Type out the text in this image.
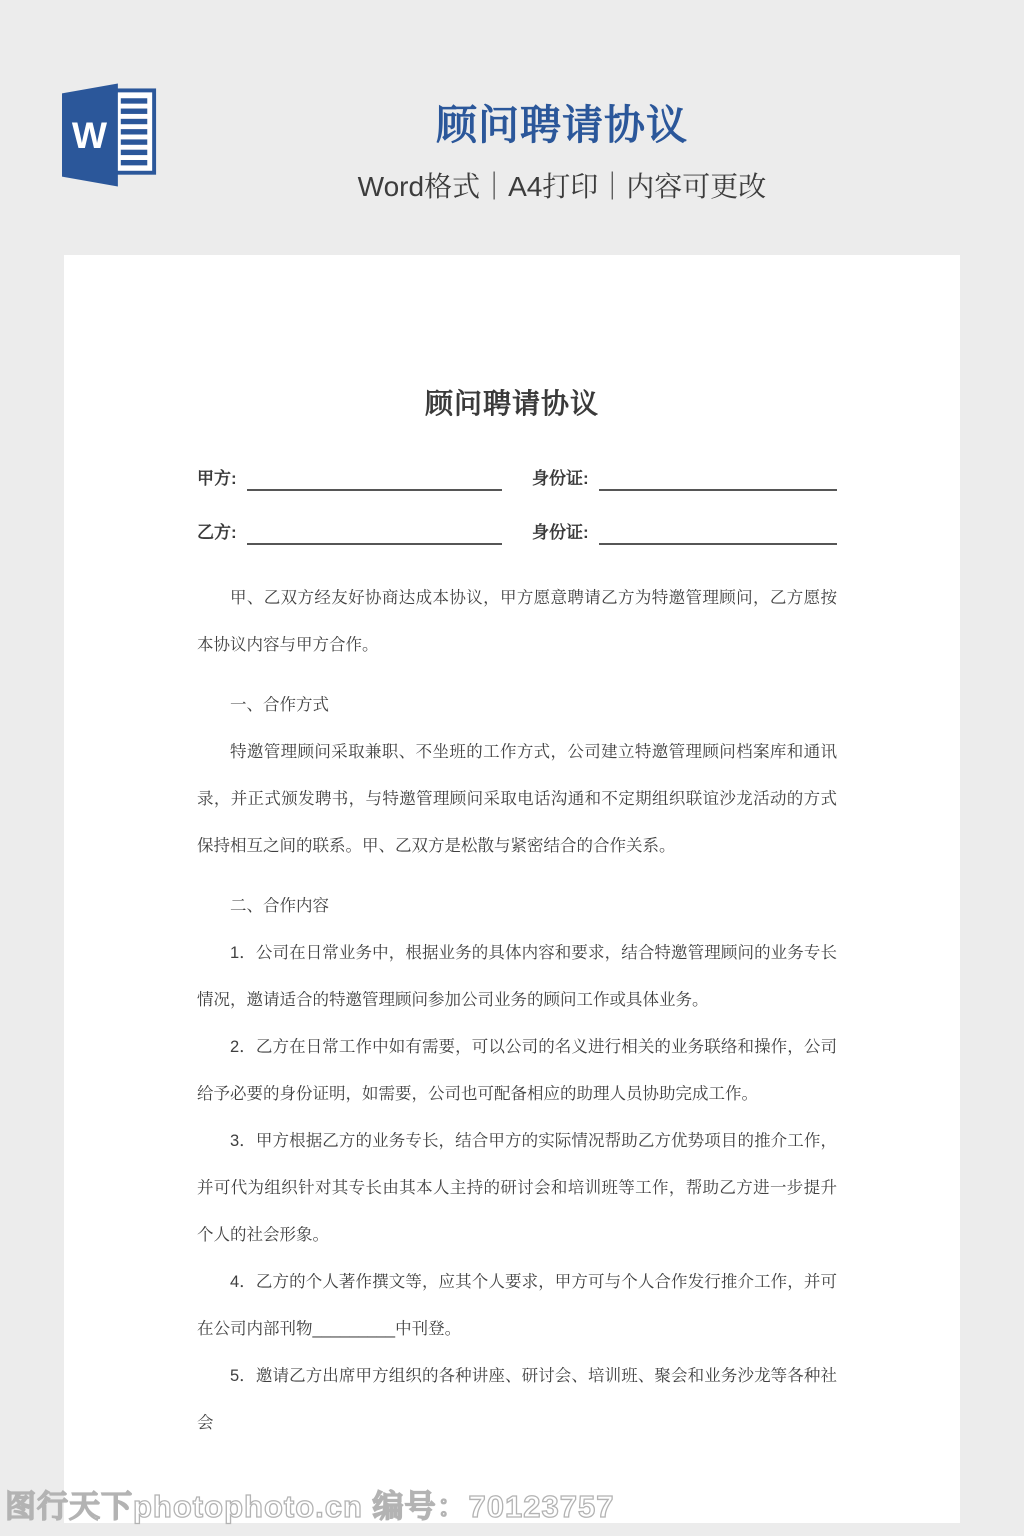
W	顾问聘请协议
Word格式｜A4打印｜内容可更改
顾问聘请协议
甲方:	身份证:
乙方:	身份证:

甲、乙双方经友好协商达成本协议，甲方愿意聘请乙方为特邀管理顾问，乙方愿按本协议内容与甲方合作。

一、合作方式

特邀管理顾问采取兼职、不坐班的工作方式，公司建立特邀管理顾问档案库和通讯录，并正式颁发聘书，与特邀管理顾问采取电话沟通和不定期组织联谊沙龙活动的方式保持相互之间的联系。甲、乙双方是松散与紧密结合的合作关系。

二、合作内容

1．公司在日常业务中，根据业务的具体内容和要求，结合特邀管理顾问的业务专长情况，邀请适合的特邀管理顾问参加公司业务的顾问工作或具体业务。

2．乙方在日常工作中如有需要，可以公司的名义进行相关的业务联络和操作，公司给予必要的身份证明，如需要，公司也可配备相应的助理人员协助完成工作。

3．甲方根据乙方的业务专长，结合甲方的实际情况帮助乙方优势项目的推介工作，并可代为组织针对其专长由其本人主持的研讨会和培训班等工作，帮助乙方进一步提升个人的社会形象。

4．乙方的个人著作撰文等，应其个人要求，甲方可与个人合作发行推介工作，并可在公司内部刊物_________中刊登。

5．邀请乙方出席甲方组织的各种讲座、研讨会、培训班、聚会和业务沙龙等各种社会

图行天下photophoto.cn 编号：70123757
